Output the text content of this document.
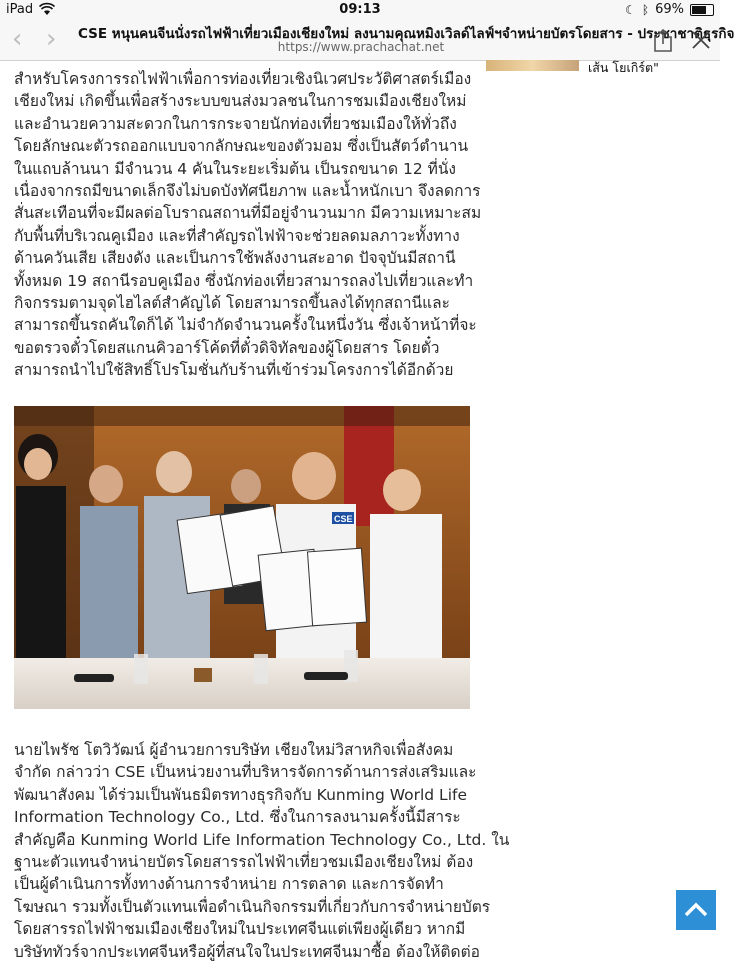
iPad	09:13	☾ ᛒ 69%
‹ › CSE หนุนคนจีนนั่งรถไฟฟ้าเที่ยวเมืองเชียงใหม่ ลงนามคุณหมิงเวิลด์ไลฟ์ฯจำหน่ายบัตรโดยสาร - ประชาชาติธุรกิจ
https://www.prachachat.net
เส้น โยเกิร์ต"

สำหรับโครงการรถไฟฟ้าเพื่อการท่องเที่ยวเชิงนิเวศประวัติศาสตร์เมือง
เชียงใหม่ เกิดขึ้นเพื่อสร้างระบบขนส่งมวลชนในการชมเมืองเชียงใหม่
และอำนวยความสะดวกในการกระจายนักท่องเที่ยวชมเมืองให้ทั่วถึง
โดยลักษณะตัวรถออกแบบจากลักษณะของตัวมอม ซึ่งเป็นสัตว์ตำนาน
ในแถบล้านนา มีจำนวน 4 คันในระยะเริ่มต้น เป็นรถขนาด 12 ที่นั่ง
เนื่องจากรถมีขนาดเล็กจึงไม่บดบังทัศนียภาพ และน้ำหนักเบา จึงลดการ
สั่นสะเทือนที่จะมีผลต่อโบราณสถานที่มีอยู่จำนวนมาก มีความเหมาะสม
กับพื้นที่บริเวณคูเมือง และที่สำคัญรถไฟฟ้าจะช่วยลดมลภาวะทั้งทาง
ด้านควันเสีย เสียงดัง และเป็นการใช้พลังงานสะอาด ปัจจุบันมีสถานี
ทั้งหมด 19 สถานีรอบคูเมือง ซึ่งนักท่องเที่ยวสามารถลงไปเที่ยวและทำ
กิจกรรมตามจุดไฮไลต์สำคัญได้ โดยสามารถขึ้นลงได้ทุกสถานีและ
สามารถขึ้นรถคันใดก็ได้ ไม่จำกัดจำนวนครั้งในหนึ่งวัน ซึ่งเจ้าหน้าที่จะ
ขอตรวจตั๋วโดยสแกนคิวอาร์โค้ดที่ตั๋วดิจิทัลของผู้โดยสาร โดยตั๋ว
สามารถนำไปใช้สิทธิ์โปรโมชั่นกับร้านที่เข้าร่วมโครงการได้อีกด้วย

CSE

นายไพรัช โตวิวัฒน์ ผู้อำนวยการบริษัท เชียงใหม่วิสาหกิจเพื่อสังคม
จำกัด กล่าวว่า CSE เป็นหน่วยงานที่บริหารจัดการด้านการส่งเสริมและ
พัฒนาสังคม ได้ร่วมเป็นพันธมิตรทางธุรกิจกับ Kunming World Life
Information Technology Co., Ltd. ซึ่งในการลงนามครั้งนี้มีสาระ
สำคัญคือ Kunming World Life Information Technology Co., Ltd. ใน
ฐานะตัวแทนจำหน่ายบัตรโดยสารรถไฟฟ้าเที่ยวชมเมืองเชียงใหม่ ต้อง
เป็นผู้ดำเนินการทั้งทางด้านการจำหน่าย การตลาด และการจัดทำ
โฆษณา รวมทั้งเป็นตัวแทนเพื่อดำเนินกิจกรรมที่เกี่ยวกับการจำหน่ายบัตร
โดยสารรถไฟฟ้าชมเมืองเชียงใหม่ในประเทศจีนแต่เพียงผู้เดียว หากมี
บริษัททัวร์จากประเทศจีนหรือผู้ที่สนใจในประเทศจีนมาซื้อ ต้องให้ติดต่อ
